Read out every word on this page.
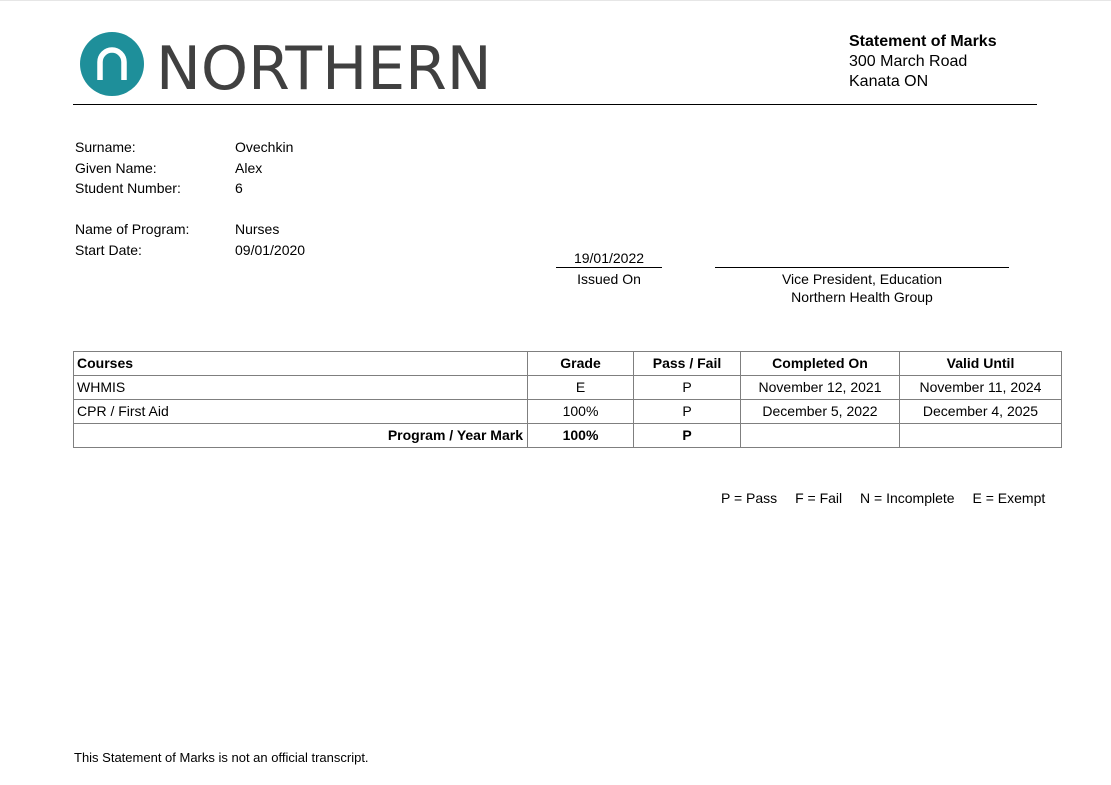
NORTHERN	Statement of Marks
300 March Road
Kanata ON
Surname:	Ovechkin
Given Name:	Alex
Student Number:	6
Name of Program:	Nurses
Start Date:	09/01/2020	19/01/2022
Issued On	Vice President, Education
Northern Health Group
Courses	Grade	Pass / Fail	Completed On	Valid Until
WHMIS	E	P	November 12, 2021	November 11, 2024
CPR / First Aid	100%	P	December 5, 2022	December 4, 2025
Program / Year Mark	100%	P		
P = Pass F = Fail N = Incomplete E = Exempt
This Statement of Marks is not an official transcript.
